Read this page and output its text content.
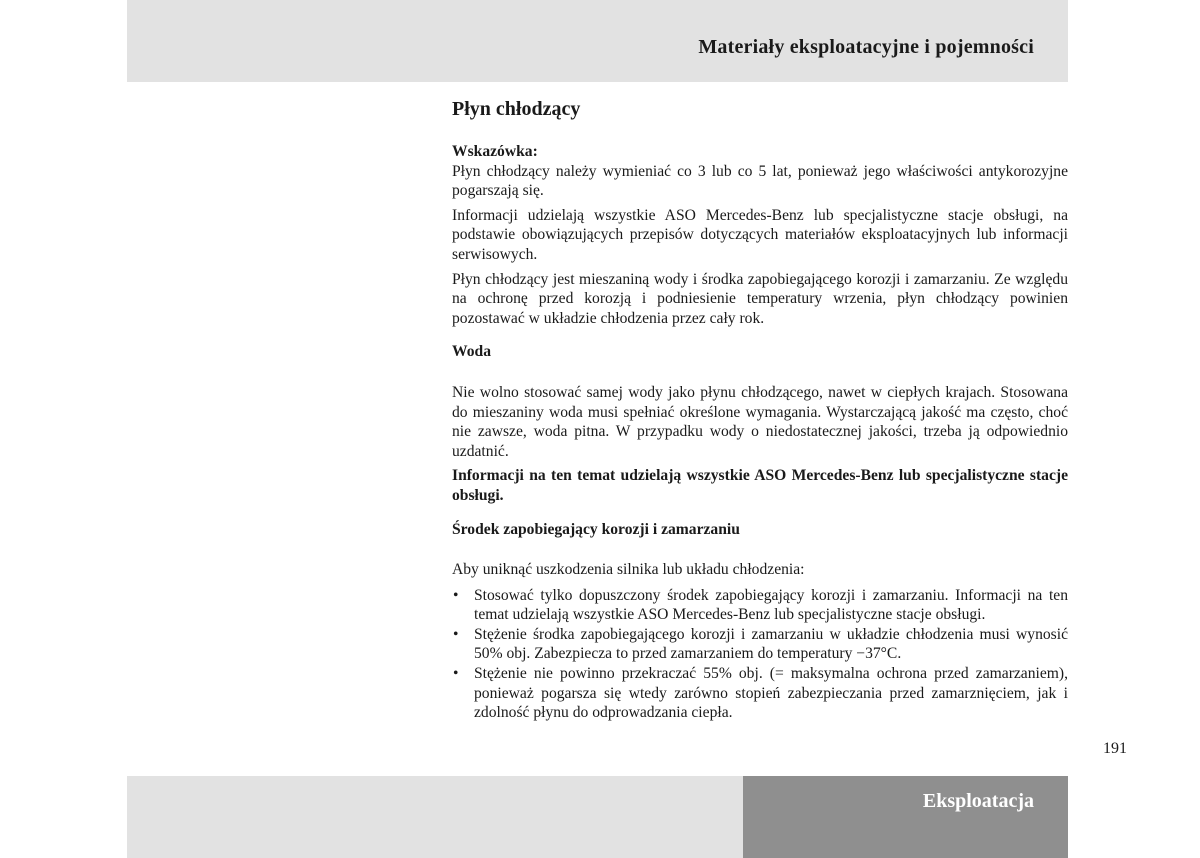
Materiały eksploatacyjne i pojemności
Płyn chłodzący

Wskazówka:

Płyn chłodzący należy wymieniać co 3 lub co 5 lat, ponieważ jego właściwości antykorozyjne pogarszają się.

Informacji udzielają wszystkie ASO Mercedes-Benz lub specjalistyczne stacje obsługi, na podstawie obowiązujących przepisów dotyczących materiałów eksploatacyjnych lub informacji serwisowych.

Płyn chłodzący jest mieszaniną wody i środka zapobiegającego korozji i zamarzaniu. Ze względu na ochronę przed korozją i podniesienie temperatury wrzenia, płyn chłodzący powinien pozostawać w układzie chłodzenia przez cały rok.

Woda

Nie wolno stosować samej wody jako płynu chłodzącego, nawet w ciepłych krajach. Stosowana do mieszaniny woda musi spełniać określone wymagania. Wystarczającą jakość ma często, choć nie zawsze, woda pitna. W przypadku wody o niedostatecznej jakości, trzeba ją odpowiednio uzdatnić.

Informacji na ten temat udzielają wszystkie ASO Mercedes-Benz lub specjalistyczne stacje obsługi.

Środek zapobiegający korozji i zamarzaniu

Aby uniknąć uszkodzenia silnika lub układu chłodzenia:

• Stosować tylko dopuszczony środek zapobiegający korozji i zamarzaniu. Informacji na ten temat udzielają wszystkie ASO Mercedes-Benz lub specjalistyczne stacje obsługi.
• Stężenie środka zapobiegającego korozji i zamarzaniu w układzie chłodzenia musi wynosić 50% obj. Zabezpiecza to przed zamarzaniem do temperatury −37°C.
• Stężenie nie powinno przekraczać 55% obj. (= maksymalna ochrona przed zamarzaniem), ponieważ pogarsza się wtedy zarówno stopień zabezpieczania przed zamarznięciem, jak i zdolność płynu do odprowadzania ciepła.
191
Eksploatacja
